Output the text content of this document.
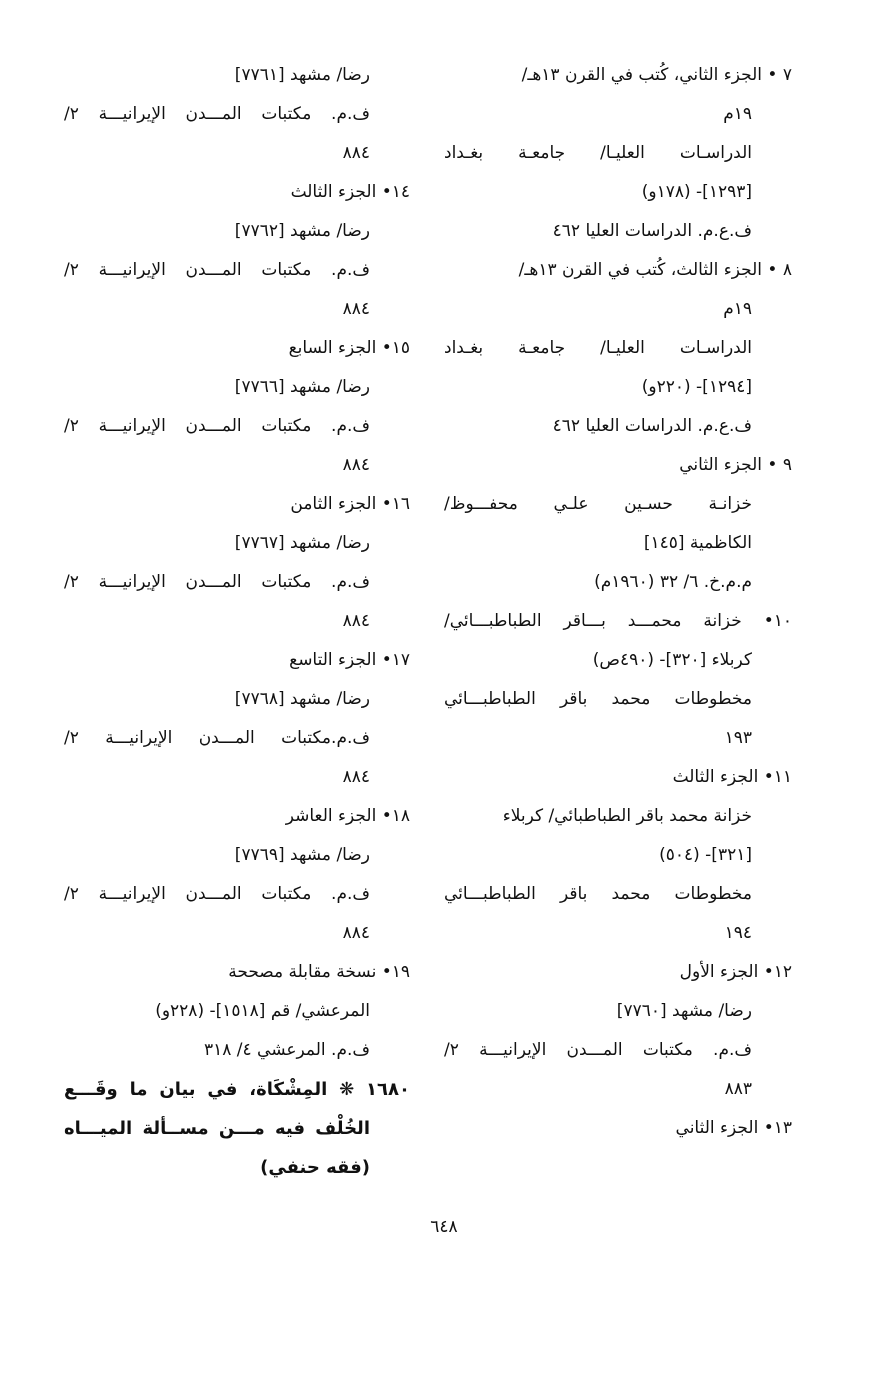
٧ • الجزء الثاني، كُتب في القرن ١٣هـ/
١٩م
الدراسـات العليـا/ جامعـة بغـداد
[١٢٩٣]- (١٧٨و)
ف.ع.م. الدراسات العليا ٤٦٢
٨ • الجزء الثالث، كُتب في القرن ١٣هـ/
١٩م
الدراسـات العليـا/ جامعـة بغـداد
[١٢٩٤]- (٢٢٠و)
ف.ع.م. الدراسات العليا ٤٦٢
٩ • الجزء الثاني
خزانـة حسـين علـي محفـــوظ/
الكاظمية [١٤٥]
م.م.خ. ٦/ ٣٢ (١٩٦٠م)
١٠• خزانة محمـــد بـــاقر الطباطبـــائي/
كربلاء [٣٢٠]- (٤٩٠ص)
مخطوطات محمد باقر الطباطبـــائي
١٩٣
١١• الجزء الثالث
خزانة محمد باقر الطباطبائي/ كربلاء
[٣٢١]- (٥٠٤)
مخطوطات محمد باقر الطباطبـــائي
١٩٤
١٢• الجزء الأول
رضا/ مشهد [٧٧٦٠]
ف.م. مكتبات المـــدن الإيرانيـــة ٢/
٨٨٣
١٣• الجزء الثاني
رضا/ مشهد [٧٧٦١]
ف.م. مكتبات المـــدن الإيرانيـــة ٢/
٨٨٤
١٤• الجزء الثالث
رضا/ مشهد [٧٧٦٢]
ف.م. مكتبات المـــدن الإيرانيـــة ٢/
٨٨٤
١٥• الجزء السابع
رضا/ مشهد [٧٧٦٦]
ف.م. مكتبات المـــدن الإيرانيـــة ٢/
٨٨٤
١٦• الجزء الثامن
رضا/ مشهد [٧٧٦٧]
ف.م. مكتبات المـــدن الإيرانيـــة ٢/
٨٨٤
١٧• الجزء التاسع
رضا/ مشهد [٧٧٦٨]
ف.م.مكتبات المـــدن الإيرانيـــة ٢/
٨٨٤
١٨• الجزء العاشر
رضا/ مشهد [٧٧٦٩]
ف.م. مكتبات المـــدن الإيرانيـــة ٢/
٨٨٤
١٩• نسخة مقابلة مصححة
المرعشي/ قم [١٥١٨]- (٢٢٨و)
ف.م. المرعشي ٤/ ٣١٨
١٦٨٠ ❋ المِشْكَاة، في بيان ما وقَـــع
الخُلْف فيه مـــن مســألة الميـــاه
(فقه حنفي)
٦٤٨
